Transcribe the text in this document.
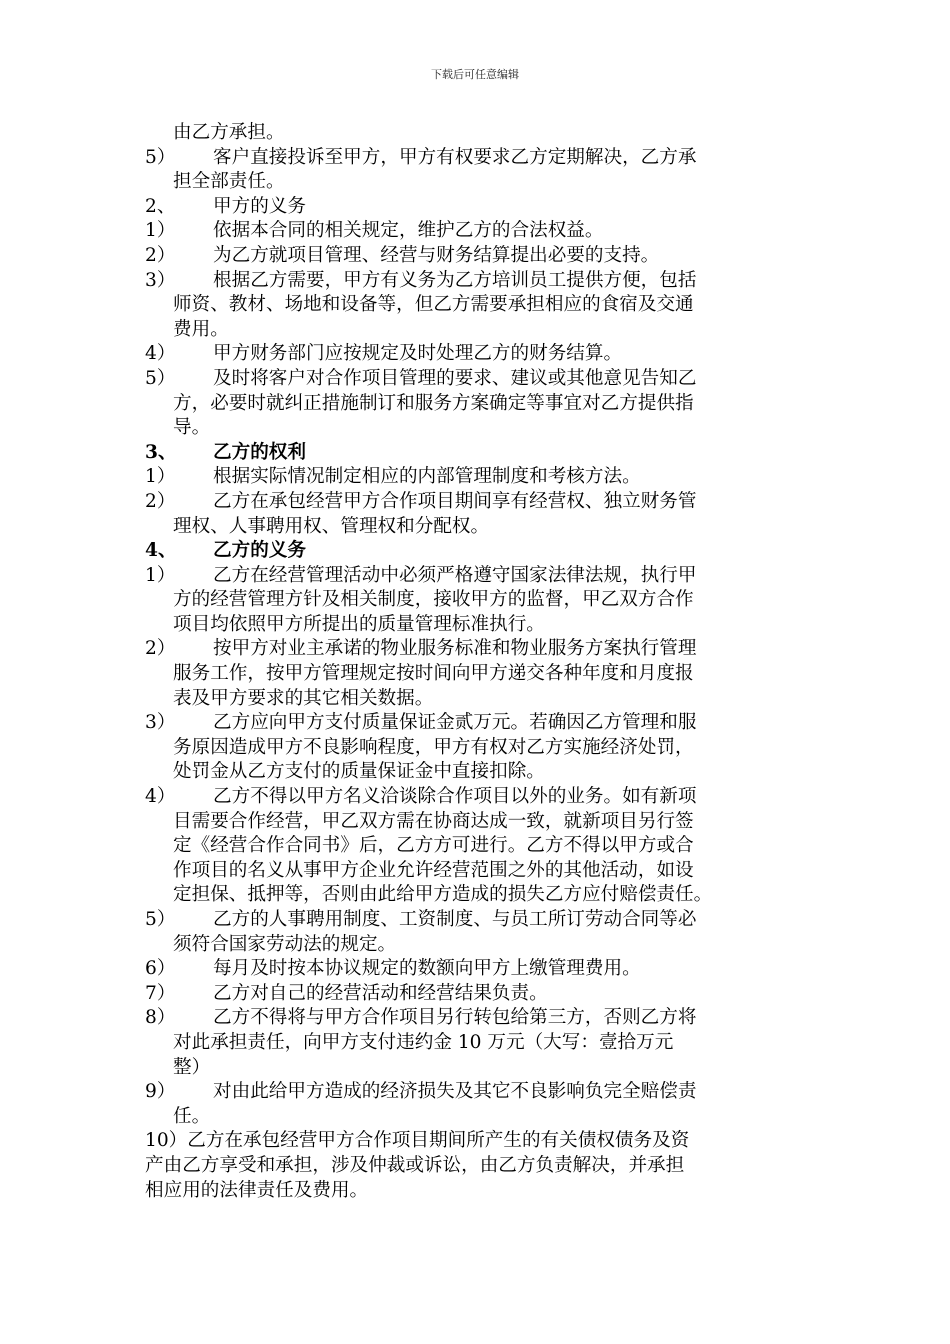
下载后可任意编辑
由乙方承担。
5） 客户直接投诉至甲方，甲方有权要求乙方定期解决，乙方承
担全部责任。
2、 甲方的义务
1） 依据本合同的相关规定，维护乙方的合法权益。
2） 为乙方就项目管理、经营与财务结算提出必要的支持。
3） 根据乙方需要，甲方有义务为乙方培训员工提供方便，包括
师资、教材、场地和设备等，但乙方需要承担相应的食宿及交通
费用。
4） 甲方财务部门应按规定及时处理乙方的财务结算。
5） 及时将客户对合作项目管理的要求、建议或其他意见告知乙
方，必要时就纠正措施制订和服务方案确定等事宜对乙方提供指
导。
3、 乙方的权利
1） 根据实际情况制定相应的内部管理制度和考核方法。
2） 乙方在承包经营甲方合作项目期间享有经营权、独立财务管
理权、人事聘用权、管理权和分配权。
4、 乙方的义务
1） 乙方在经营管理活动中必须严格遵守国家法律法规，执行甲
方的经营管理方针及相关制度，接收甲方的监督，甲乙双方合作
项目均依照甲方所提出的质量管理标准执行。
2） 按甲方对业主承诺的物业服务标准和物业服务方案执行管理
服务工作，按甲方管理规定按时间向甲方递交各种年度和月度报
表及甲方要求的其它相关数据。
3） 乙方应向甲方支付质量保证金贰万元。若确因乙方管理和服
务原因造成甲方不良影响程度，甲方有权对乙方实施经济处罚，
处罚金从乙方支付的质量保证金中直接扣除。
4） 乙方不得以甲方名义洽谈除合作项目以外的业务。如有新项
目需要合作经营，甲乙双方需在协商达成一致，就新项目另行签
定《经营合作合同书》后，乙方方可进行。乙方不得以甲方或合
作项目的名义从事甲方企业允许经营范围之外的其他活动，如设
定担保、抵押等，否则由此给甲方造成的损失乙方应付赔偿责任。
5） 乙方的人事聘用制度、工资制度、与员工所订劳动合同等必
须符合国家劳动法的规定。
6） 每月及时按本协议规定的数额向甲方上缴管理费用。
7） 乙方对自己的经营活动和经营结果负责。
8） 乙方不得将与甲方合作项目另行转包给第三方，否则乙方将
对此承担责任，向甲方支付违约金 10 万元（大写：壹拾万元
整）
9） 对由此给甲方造成的经济损失及其它不良影响负完全赔偿责
任。
10）乙方在承包经营甲方合作项目期间所产生的有关债权债务及资
产由乙方享受和承担，涉及仲裁或诉讼，由乙方负责解决，并承担
相应用的法律责任及费用。
